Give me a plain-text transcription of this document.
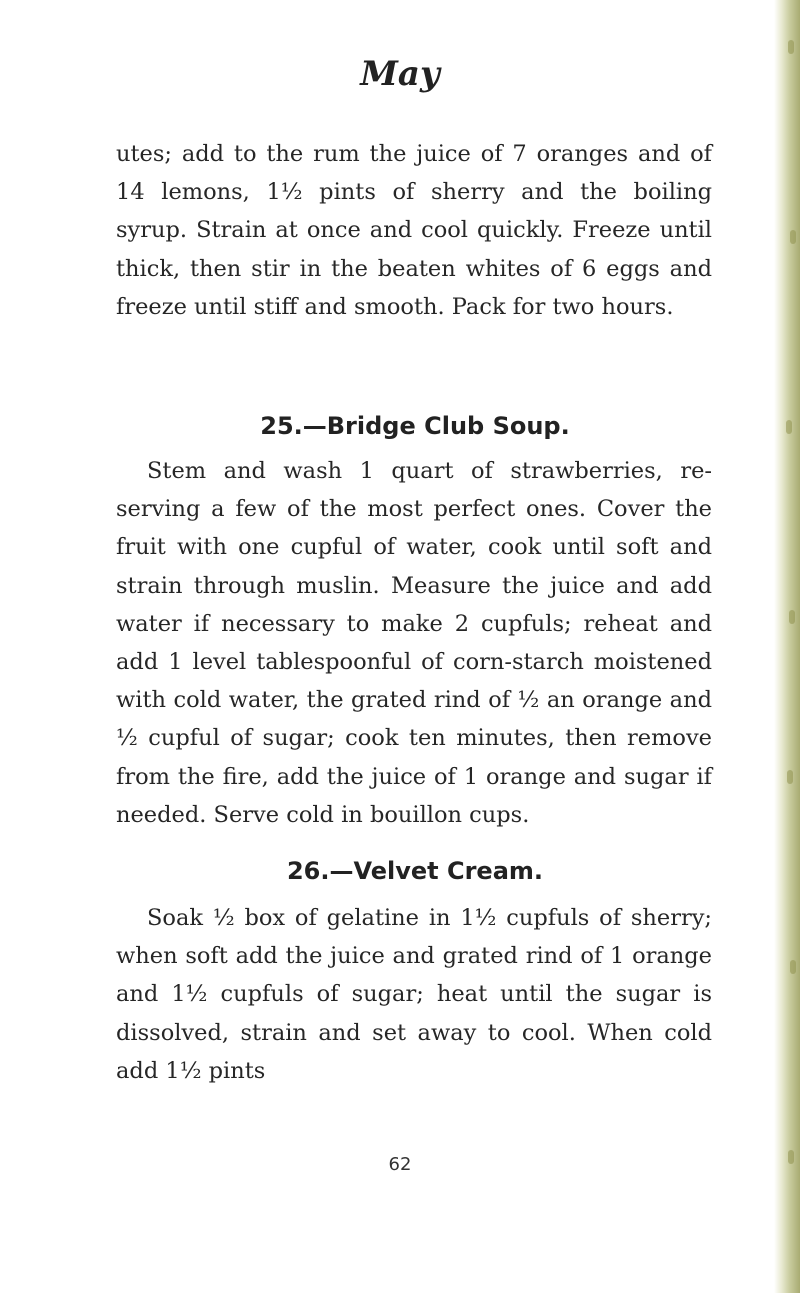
May
utes; add to the rum the juice of 7 oranges and of 14 lemons, 1½ pints of sherry and the boiling syrup. Strain at once and cool quickly. Freeze until thick, then stir in the beaten whites of 6 eggs and freeze until stiff and smooth. Pack for two hours.
25.—Bridge Club Soup.
Stem and wash 1 quart of strawberries, re-serving a few of the most perfect ones. Cover the fruit with one cupful of water, cook until soft and strain through muslin. Measure the juice and add water if necessary to make 2 cupfuls; reheat and add 1 level tablespoonful of corn-starch moistened with cold water, the grated rind of ½ an orange and ½ cupful of sugar; cook ten minutes, then remove from the fire, add the juice of 1 orange and sugar if needed. Serve cold in bouillon cups.
26.—Velvet Cream.
Soak ½ box of gelatine in 1½ cupfuls of sherry; when soft add the juice and grated rind of 1 orange and 1½ cupfuls of sugar; heat until the sugar is dissolved, strain and set away to cool. When cold add 1½ pints
62
